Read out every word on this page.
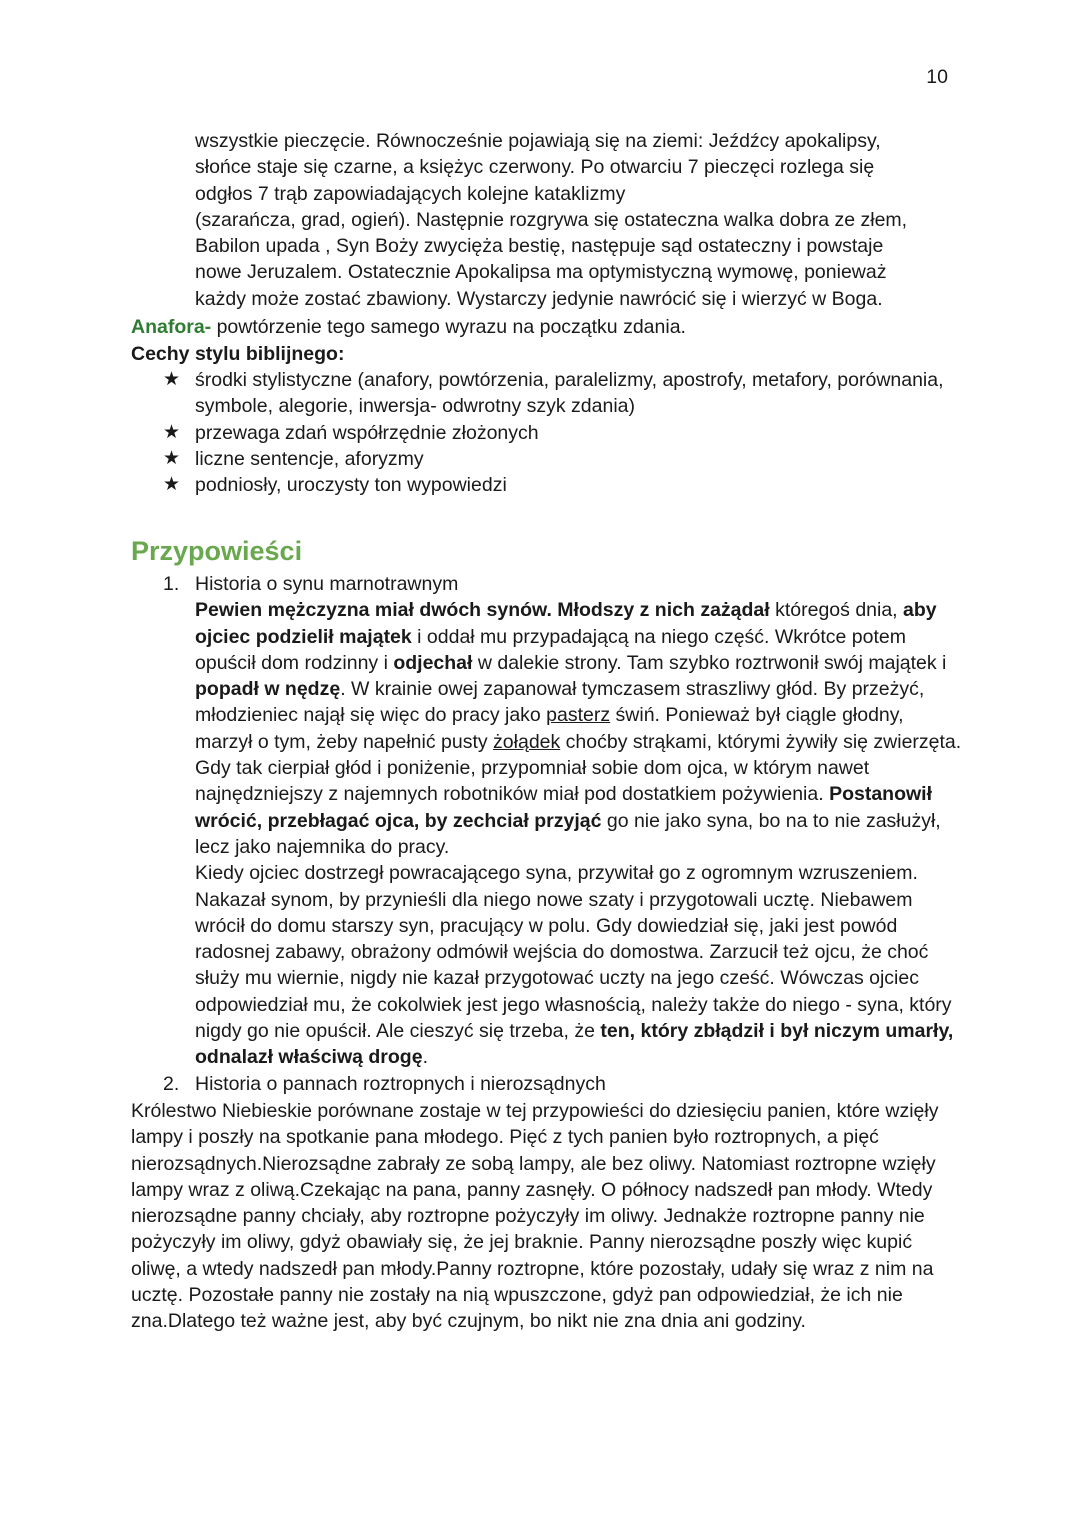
10

wszystkie pieczęcie. Równocześnie pojawiają się na ziemi: Jeźdźcy apokalipsy,

słońce staje się czarne, a księżyc czerwony. Po otwarciu 7 pieczęci rozlega się

odgłos 7 trąb zapowiadających kolejne kataklizmy

(szarańcza, grad, ogień). Następnie rozgrywa się ostateczna walka dobra ze złem,

Babilon upada , Syn Boży zwycięża bestię, następuje sąd ostateczny i powstaje

nowe Jeruzalem. Ostatecznie Apokalipsa ma optymistyczną wymowę, ponieważ

każdy może zostać zbawiony. Wystarczy jedynie nawrócić się i wierzyć w Boga.

Anafora- powtórzenie tego samego wyrazu na początku zdania.
Cechy stylu biblijnego:
★ środki stylistyczne (anafory, powtórzenia, paralelizmy, apostrofy, metafory, porównania, symbole, alegorie, inwersja- odwrotny szyk zdania)
★ przewaga zdań współrzędnie złożonych
★ liczne sentencje, aforyzmy
★ podniosły, uroczysty ton wypowiedzi
Przypowieści
1. Historia o synu marnotrawnym

Pewien mężczyzna miał dwóch synów. Młodszy z nich zażądał któregoś dnia, aby ojciec podzielił majątek i oddał mu przypadającą na niego część. Wkrótce potem opuścił dom rodzinny i odjechał w dalekie strony. Tam szybko roztrwonił swój majątek i popadł w nędzę. W krainie owej zapanował tymczasem straszliwy głód. By przeżyć, młodzieniec najął się więc do pracy jako pasterz świń. Ponieważ był ciągle głodny, marzył o tym, żeby napełnić pusty żołądek choćby strąkami, którymi żywiły się zwierzęta. Gdy tak cierpiał głód i poniżenie, przypomniał sobie dom ojca, w którym nawet najnędzniejszy z najemnych robotników miał pod dostatkiem pożywienia. Postanowił wrócić, przebłagać ojca, by zechciał przyjąć go nie jako syna, bo na to nie zasłużył, lecz jako najemnika do pracy.

Kiedy ojciec dostrzegł powracającego syna, przywitał go z ogromnym wzruszeniem. Nakazał synom, by przynieśli dla niego nowe szaty i przygotowali ucztę. Niebawem wrócił do domu starszy syn, pracujący w polu. Gdy dowiedział się, jaki jest powód radosnej zabawy, obrażony odmówił wejścia do domostwa. Zarzucił też ojcu, że choć służy mu wiernie, nigdy nie kazał przygotować uczty na jego cześć. Wówczas ojciec odpowiedział mu, że cokolwiek jest jego własnością, należy także do niego - syna, który nigdy go nie opuścił. Ale cieszyć się trzeba, że ten, który zbłądził i był niczym umarły, odnalazł właściwą drogę.

2. Historia o pannach roztropnych i nierozsądnych

Królestwo Niebieskie porównane zostaje w tej przypowieści do dziesięciu panien, które wzięły lampy i poszły na spotkanie pana młodego. Pięć z tych panien było roztropnych, a pięć nierozsądnych.Nierozsądne zabrały ze sobą lampy, ale bez oliwy. Natomiast roztropne wzięły lampy wraz z oliwą.Czekając na pana, panny zasnęły. O północy nadszedł pan młody. Wtedy nierozsądne panny chciały, aby roztropne pożyczyły im oliwy. Jednakże roztropne panny nie pożyczyły im oliwy, gdyż obawiały się, że jej braknie. Panny nierozsądne poszły więc kupić oliwę, a wtedy nadszedł pan młody.Panny roztropne, które pozostały, udały się wraz z nim na ucztę. Pozostałe panny nie zostały na nią wpuszczone, gdyż pan odpowiedział, że ich nie zna.Dlatego też ważne jest, aby być czujnym, bo nikt nie zna dnia ani godziny.
